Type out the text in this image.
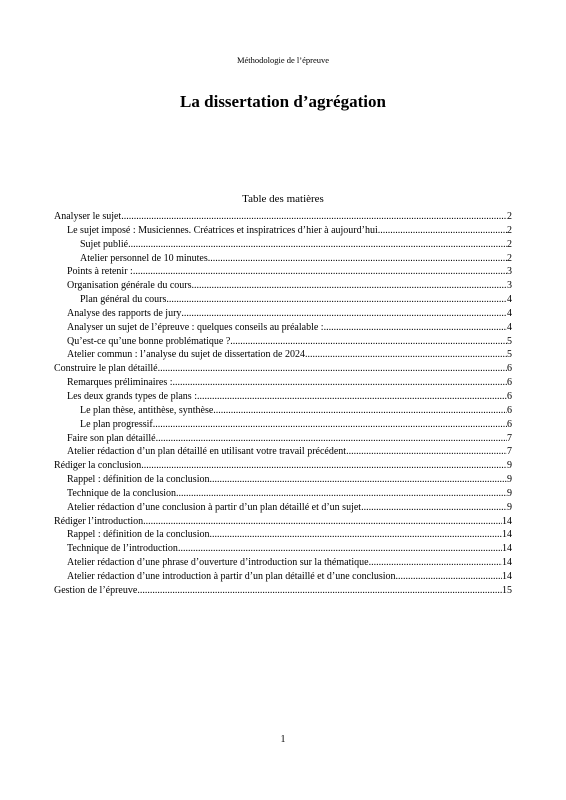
Méthodologie de l’épreuve
La dissertation d’agrégation
Table des matières
Analyser le sujet .....	2
Le sujet imposé : Musiciennes. Créatrices et inspiratrices d’hier à aujourd’hui .....	2
Sujet publié .....	2
Atelier personnel de 10 minutes .....	2
Points à retenir : .....	3
Organisation générale du cours .....	3
Plan général du cours .....	4
Analyse des rapports de jury .....	4
Analyser un sujet de l’épreuve : quelques conseils au préalable : .....	4
Qu’est-ce qu’une bonne problématique ? .....	5
Atelier commun : l’analyse du sujet de dissertation de 2024 .....	5
Construire le plan détaillé .....	6
Remarques préliminaires : .....	6
Les deux grands types de plans : .....	6
Le plan thèse, antithèse, synthèse .....	6
Le plan progressif .....	6
Faire son plan détaillé .....	7
Atelier rédaction d’un plan détaillé en utilisant votre travail précédent .....	7
Rédiger la conclusion .....	9
Rappel : définition de la conclusion .....	9
Technique de la conclusion .....	9
Atelier rédaction d’une conclusion à partir d’un plan détaillé et d’un sujet .....	9
Rédiger l’introduction .....	14
Rappel : définition de la conclusion .....	14
Technique de l’introduction .....	14
Atelier rédaction d’une phrase d’ouverture d’introduction sur la thématique .....	14
Atelier rédaction d’une introduction à partir d’un plan détaillé et d’une conclusion .....	14
Gestion de l’épreuve .....	15
1
